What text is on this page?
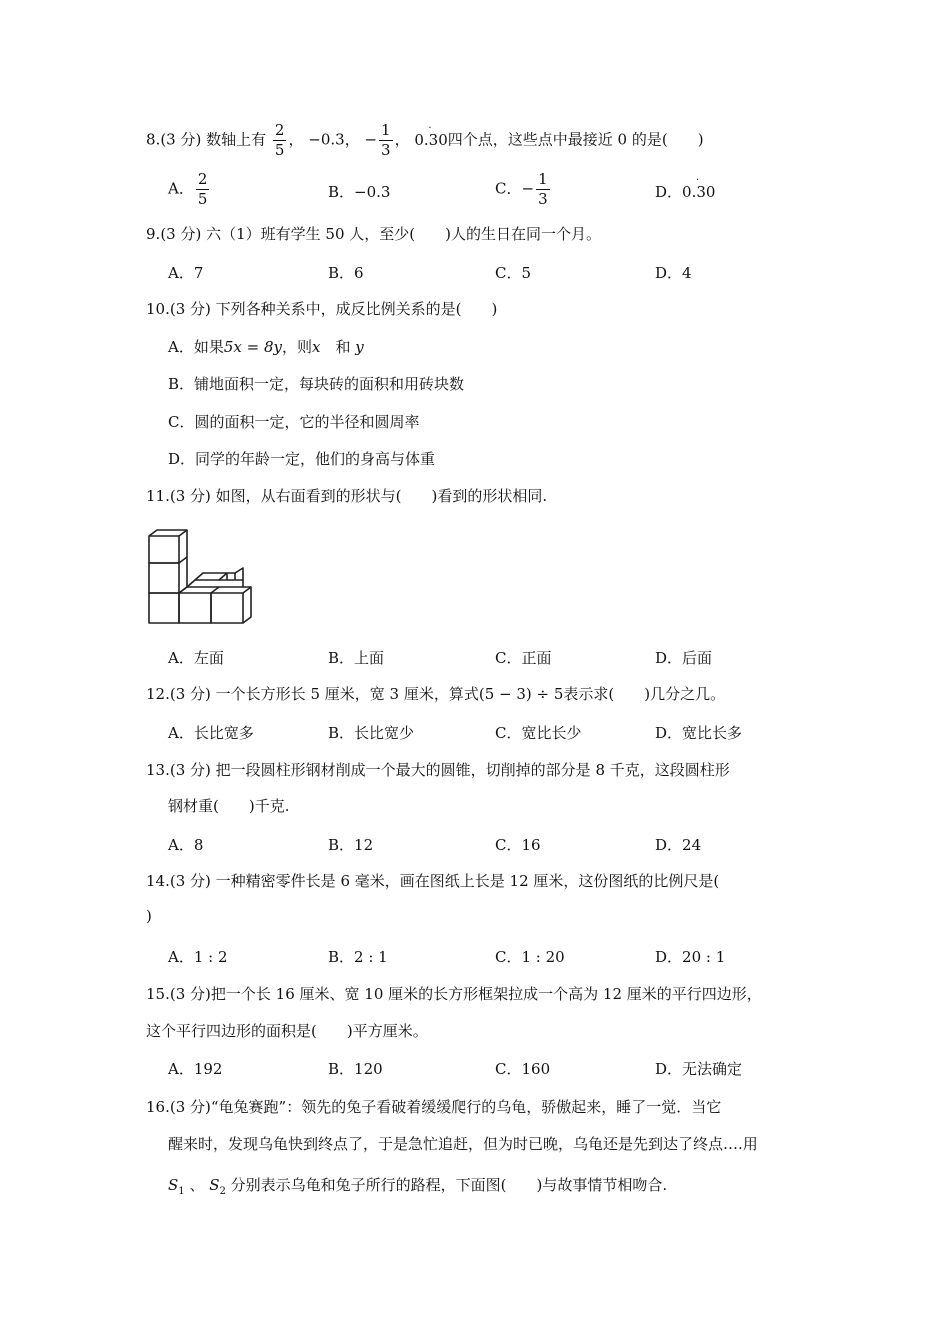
8.(3 分) 数轴上有 $\frac{2}{5}$ ， −0.3， − $\frac{1}{3}$ ，
·
0.30四个点，这些点中最接近 0 的是(　　)
A． $\frac{2}{5}$	B．−0.3	C．− $\frac{1}{3}$	D．
·
0.30
9.(3 分) 六（1）班有学生 50 人，至少(　　)人的生日在同一个月。
A．7	B．6	C．5	D．4
10.(3 分) 下列各种关系中，成反比例关系的是(　　)
A．如果5x = 8y，则x　 和 y
B．铺地面积一定，每块砖的面积和用砖块数
C．圆的面积一定，它的半径和圆周率
D．同学的年龄一定，他们的身高与体重
11.(3 分) 如图，从右面看到的形状与(　　)看到的形状相同.
A．左面	B．上面	C．正面	D．后面
12.(3 分) 一个长方形长 5 厘米，宽 3 厘米，算式(5 − 3) ÷ 5表示求(　　)几分之几。
A．长比宽多	B．长比宽少	C．宽比长少	D．宽比长多
13.(3 分) 把一段圆柱形钢材削成一个最大的圆锥，切削掉的部分是 8 千克，这段圆柱形
钢材重(　　)千克.
A．8	B．12	C．16	D．24
14.(3 分) 一种精密零件长是 6 毫米，画在图纸上长是 12 厘米，这份图纸的比例尺是(
)
A．1 : 2	B．2 : 1	C．1 : 20	D．20 : 1
15.(3 分)把一个长 16 厘米、宽 10 厘米的长方形框架拉成一个高为 12 厘米的平行四边形，
这个平行四边形的面积是(　　)平方厘米。
A．192	B．120	C．160	D．无法确定
16.(3 分)“龟兔赛跑”：领先的兔子看破着缓缓爬行的乌龟，骄傲起来，睡了一觉．当它
醒来时，发现乌龟快到终点了，于是急忙追赶，但为时已晚，乌龟还是先到达了终点….用
$S_1$ 、 $S_2$ 分别表示乌龟和兔子所行的路程，下面图(　　)与故事情节相吻合.
